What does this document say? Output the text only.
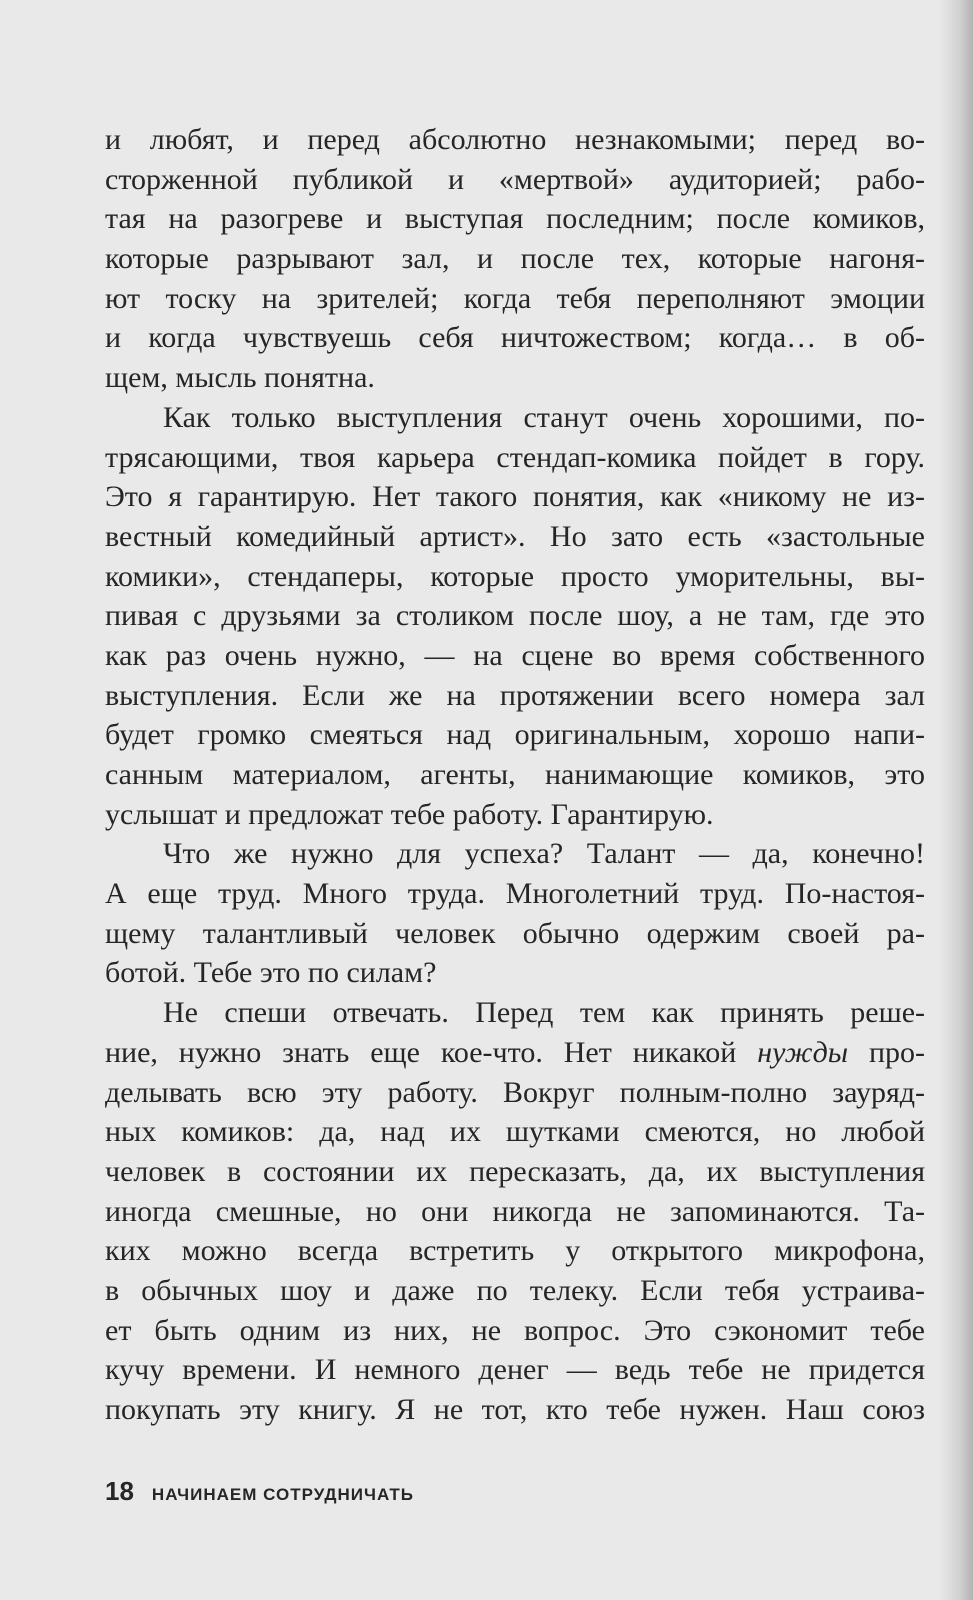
и любят, и перед абсолютно незнакомыми; перед во-
сторженной публикой и «мертвой» аудиторией; рабо-
тая на разогреве и выступая последним; после комиков,
которые разрывают зал, и после тех, которые нагоня-
ют тоску на зрителей; когда тебя переполняют эмоции
и когда чувствуешь себя ничтожеством; когда… в об-
щем, мысль понятна.
Как только выступления станут очень хорошими, по-
трясающими, твоя карьера стендап-комика пойдет в гору.
Это я гарантирую. Нет такого понятия, как «никому не из-
вестный комедийный артист». Но зато есть «застольные
комики», стендаперы, которые просто уморительны, вы-
пивая с друзьями за столиком после шоу, а не там, где это
как раз очень нужно, — на сцене во время собственного
выступления. Если же на протяжении всего номера зал
будет громко смеяться над оригинальным, хорошо напи-
санным материалом, агенты, нанимающие комиков, это
услышат и предложат тебе работу. Гарантирую.
Что же нужно для успеха? Талант — да, конечно!
А еще труд. Много труда. Многолетний труд. По-настоя-
щему талантливый человек обычно одержим своей ра-
ботой. Тебе это по силам?
Не спеши отвечать. Перед тем как принять реше-
ние, нужно знать еще кое-что. Нет никакой нужды про-
делывать всю эту работу. Вокруг полным-полно зауряд-
ных комиков: да, над их шутками смеются, но любой
человек в состоянии их пересказать, да, их выступления
иногда смешные, но они никогда не запоминаются. Та-
ких можно всегда встретить у открытого микрофона,
в обычных шоу и даже по телеку. Если тебя устраива-
ет быть одним из них, не вопрос. Это сэкономит тебе
кучу времени. И немного денег — ведь тебе не придется
покупать эту книгу. Я не тот, кто тебе нужен. Наш союз
18 НАЧИНАЕМ СОТРУДНИЧАТЬ
